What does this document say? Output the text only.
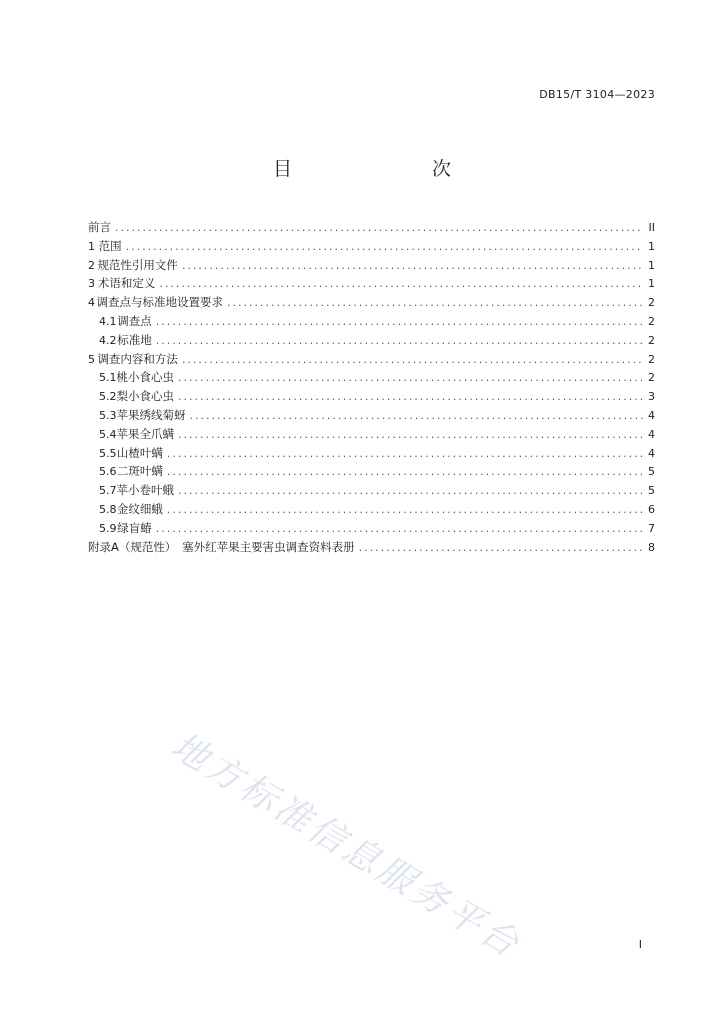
DB15/T 3104—2023
目　　次
前言 .....	II
1 范围 .....	1
2 规范性引用文件 .....	1
3 术语和定义 .....	1
4 调查点与标准地设置要求 .....	2
4.1 调查点 .....	2
4.2 标准地 .....	2
5 调查内容和方法 .....	2
5.1 桃小食心虫 .....	2
5.2 梨小食心虫 .....	3
5.3 苹果绣线菊蚜 .....	4
5.4 苹果全爪螨 .....	4
5.5 山楂叶螨 .....	4
5.6 二斑叶螨 .....	5
5.7 苹小卷叶蛾 .....	5
5.8 金纹细蛾 .....	6
5.9 绿盲蝽 .....	7
附录A（规范性）　塞外红苹果主要害虫调查资料表册 .....	8
地方标准信息服务平台	I
